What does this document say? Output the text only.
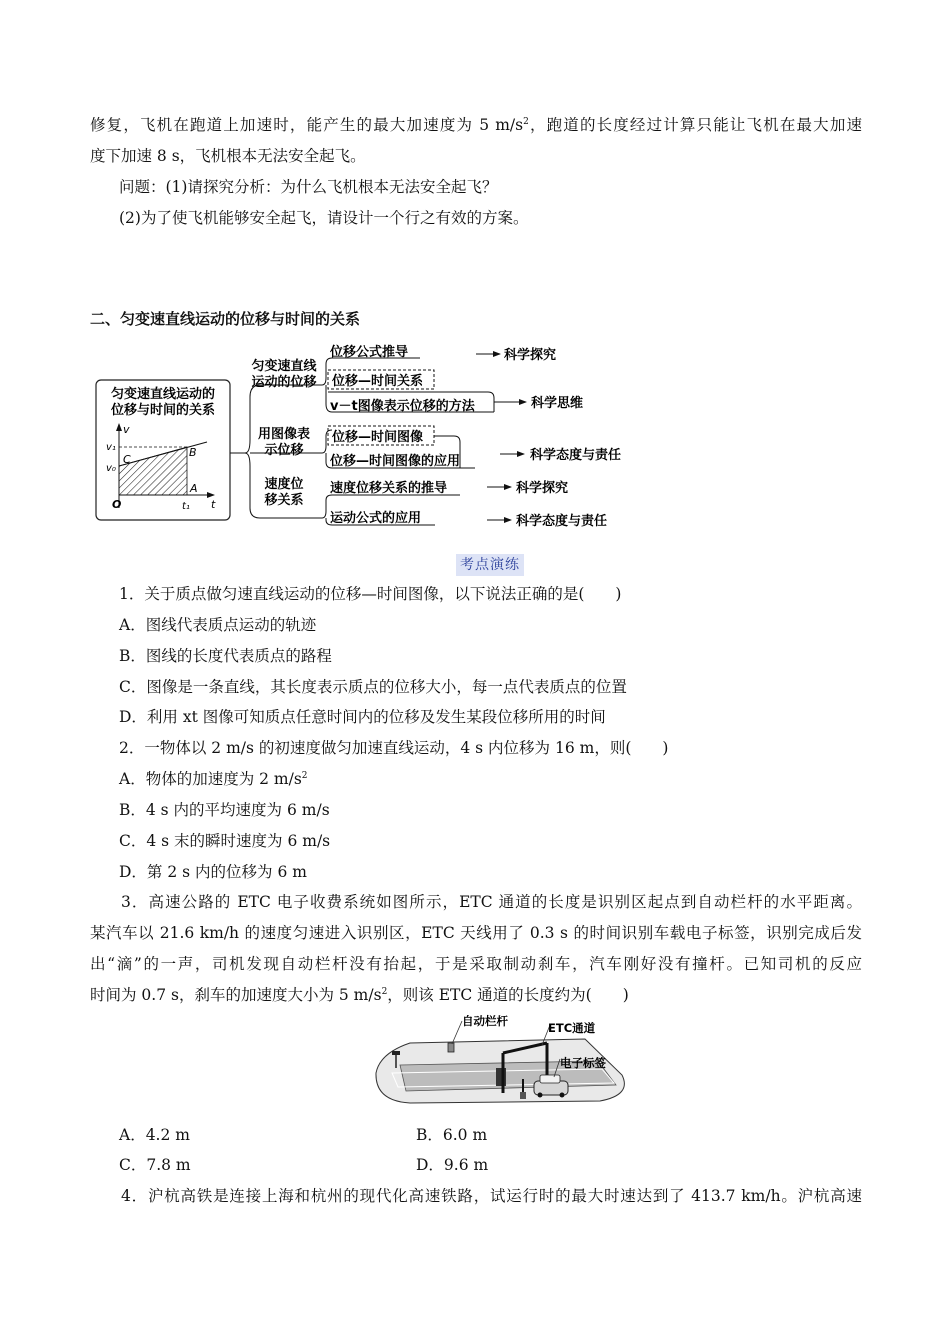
修复，飞机在跑道上加速时，能产生的最大加速度为 5 $m/s^2$，跑道的长度经过计算只能让飞机在最大加速
度下加速 8 s，飞机根本无法安全起飞。
问题：(1)请探究分析：为什么飞机根本无法安全起飞？
(2)为了使飞机能够安全起飞，请设计一个行之有效的方案。
二、匀变速直线运动的位移与时间的关系
匀变速直线运动的
位移与时间的关系
v
t
v₁
v₀
C
B
A
O	t₁
匀变速直线
运动的位移
用图像表
示位移
速度位
移关系
位移公式推导
位移—时间关系
v－t图像表示位移的方法
位移—时间图像
位移—时间图像的应用
速度位移关系的推导
运动公式的应用
科学探究
科学思维
科学态度与责任
科学探究
科学态度与责任
考点演练
1．关于质点做匀速直线运动的位移—时间图像，以下说法正确的是(　　)
A．图线代表质点运动的轨迹
B．图线的长度代表质点的路程
C．图像是一条直线，其长度表示质点的位移大小，每一点代表质点的位置
D．利用 xt 图像可知质点任意时间内的位移及发生某段位移所用的时间
2．一物体以 2 m/s 的初速度做匀加速直线运动，4 s 内位移为 16 m，则(　　)
A．物体的加速度为 2 $m/s^2$
B．4 s 内的平均速度为 6 m/s
C．4 s 末的瞬时速度为 6 m/s
D．第 2 s 内的位移为 6 m
3．高速公路的 ETC 电子收费系统如图所示，ETC 通道的长度是识别区起点到自动栏杆的水平距离。
某汽车以 21.6 km/h 的速度匀速进入识别区，ETC 天线用了 0.3 s 的时间识别车载电子标签，识别完成后发
出“滴”的一声，司机发现自动栏杆没有抬起，于是采取制动刹车，汽车刚好没有撞杆。已知司机的反应
时间为 0.7 s，刹车的加速度大小为 5 $m/s^2$，则该 ETC 通道的长度约为(　　)
自动栏杆	ETC通道
电子标签
A．4.2 m	B．6.0 m
C．7.8 m	D．9.6 m
4．沪杭高铁是连接上海和杭州的现代化高速铁路，试运行时的最大时速达到了 413.7 km/h。沪杭高速
